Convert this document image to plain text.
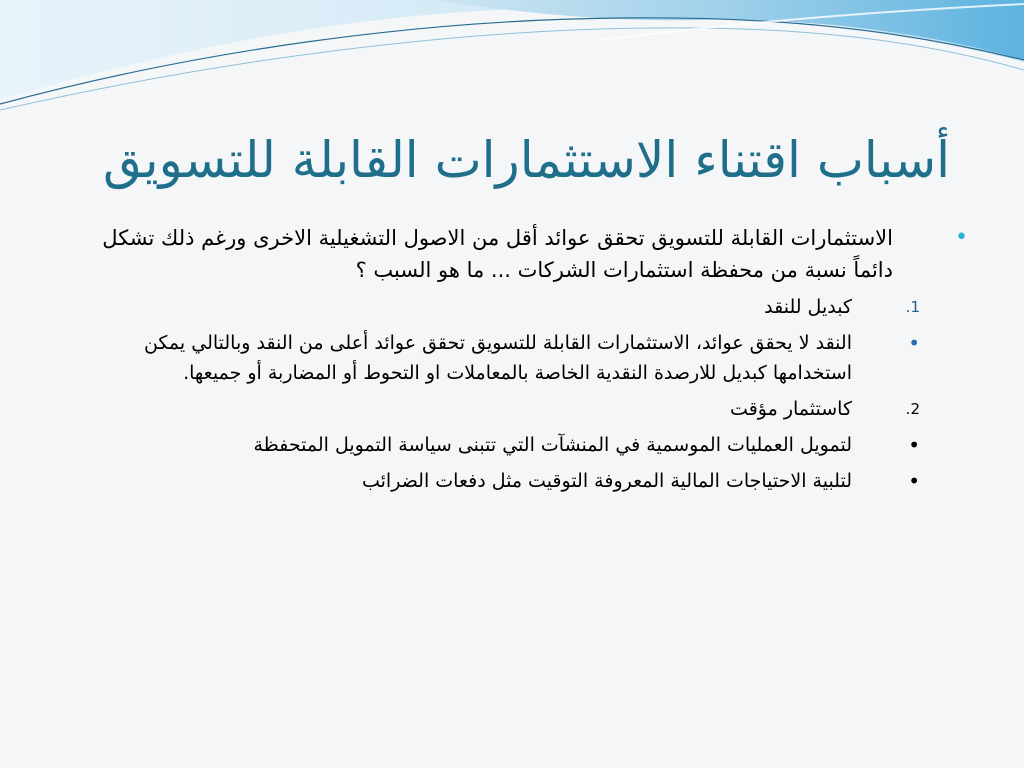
أسباب اقتناء الاستثمارات القابلة للتسويق
•
الاستثمارات القابلة للتسويق تحقق عوائد أقل من الاصول التشغيلية الاخرى ورغم ذلك تشكل دائماً نسبة من محفظة استثمارات الشركات ... ما هو السبب ؟
1.
كبديل للنقد
•
النقد لا يحقق عوائد، الاستثمارات القابلة للتسويق تحقق عوائد أعلى من النقد وبالتالي يمكن استخدامها كبديل للارصدة النقدية الخاصة بالمعاملات او التحوط أو المضاربة أو جميعها.
2.
كاستثمار مؤقت
•
لتمويل العمليات الموسمية في المنشآت التي تتبنى سياسة التمويل المتحفظة
•
لتلبية الاحتياجات المالية المعروفة التوقيت مثل دفعات الضرائب
